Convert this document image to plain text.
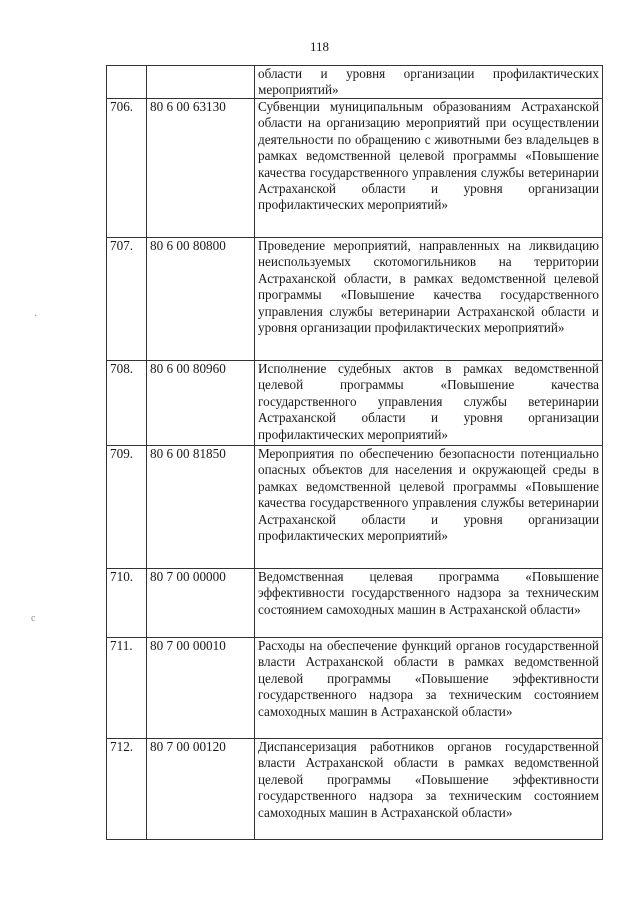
118

		области и уровня организации профилактических мероприятий»

706.	80 6 00 63130	Субвенции муниципальным образованиям Астраханской области на организацию мероприятий при осуществлении деятельности по обращению с животными без владельцев в рамках ведомственной целевой программы «Повышение качества государственного управления службы ветеринарии Астраханской области и уровня организации профилактических мероприятий»

707.	80 6 00 80800	Проведение мероприятий, направленных на ликвидацию неиспользуемых скотомогильников на территории Астраханской области, в рамках ведомственной целевой программы «Повышение качества государственного управления службы ветеринарии Астраханской области и уровня организации профилактических мероприятий»

708.	80 6 00 80960	Исполнение судебных актов в рамках ведомственной целевой программы «Повышение качества государственного управления службы ветеринарии Астраханской области и уровня организации профилактических мероприятий»

709.	80 6 00 81850	Мероприятия по обеспечению безопасности потенциально опасных объектов для населения и окружающей среды в рамках ведомственной целевой программы «Повышение качества государственного управления службы ветеринарии Астраханской области и уровня организации профилактических мероприятий»

710.	80 7 00 00000	Ведомственная целевая программа «Повышение эффективности государственного надзора за техническим состоянием самоходных машин в Астраханской области»

711.	80 7 00 00010	Расходы на обеспечение функций органов государственной власти Астраханской области в рамках ведомственной целевой программы «Повышение эффективности государственного надзора за техническим состоянием самоходных машин в Астраханской области»

712.	80 7 00 00120	Диспансеризация работников органов государственной власти Астраханской области в рамках ведомственной целевой программы «Повышение эффективности государственного надзора за техническим состоянием самоходных машин в Астраханской области»
·
c
